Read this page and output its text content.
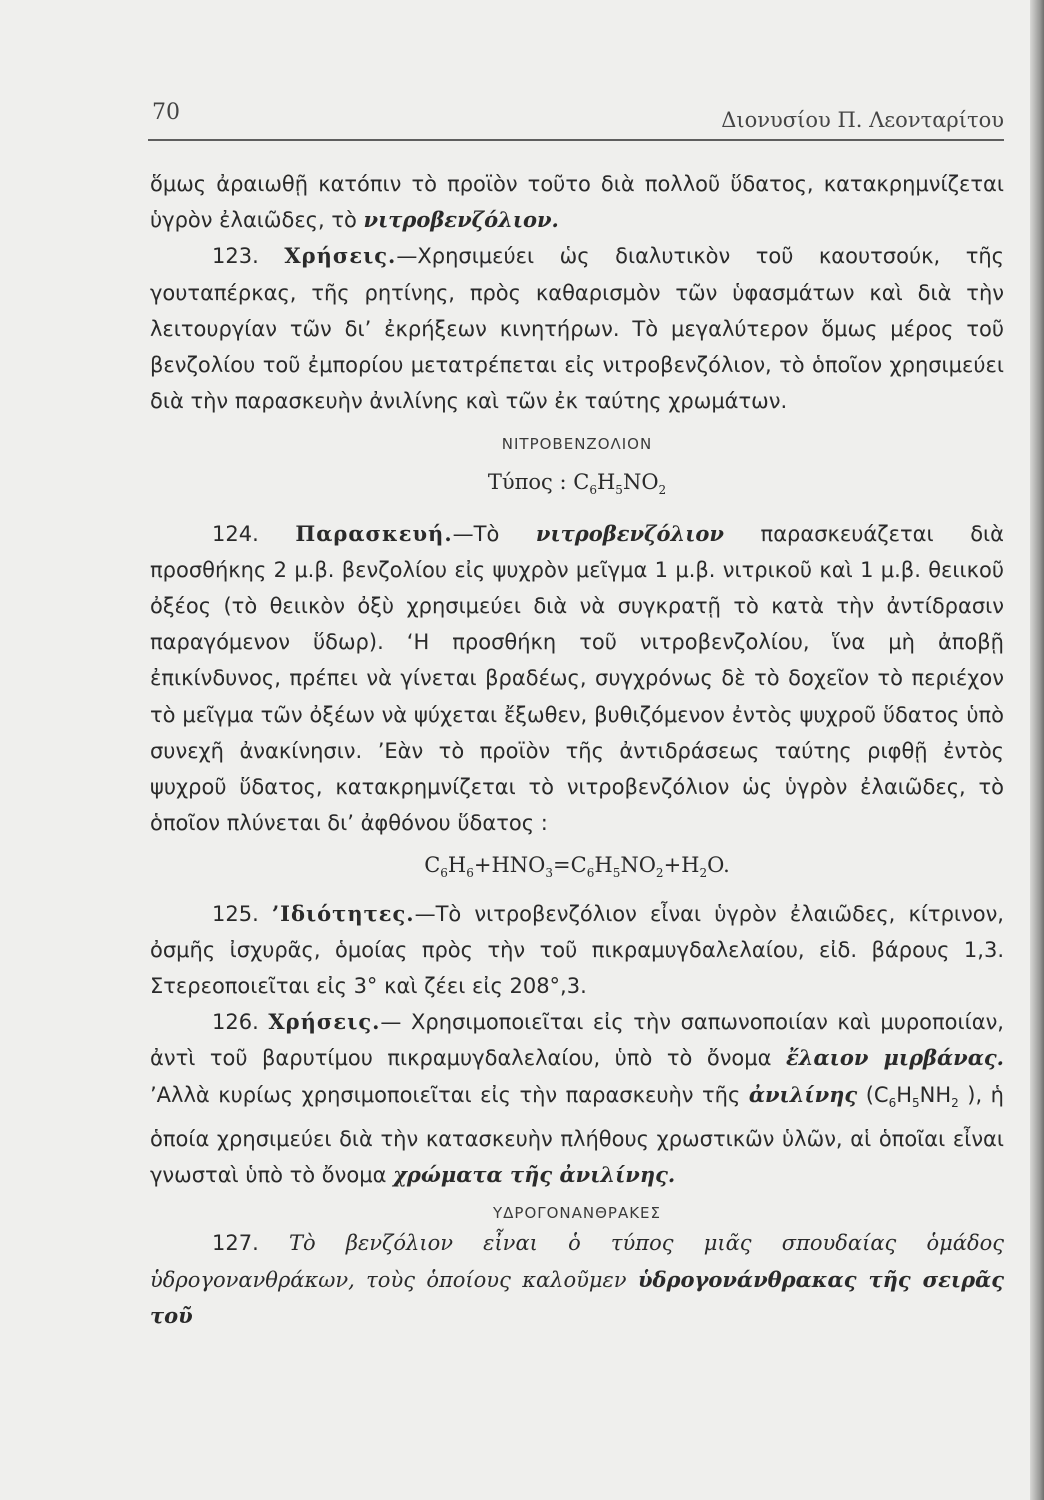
70	Διονυσίου Π. Λεονταρίτου

ὅμως ἀραιωθῇ κατόπιν τὸ προϊὸν τοῦτο διὰ πολλοῦ ὕδατος, κατακρημνίζεται ὑγρὸν ἐλαιῶδες, τὸ νιτροβενζόλιον.

123. Χρήσεις.—Χρησιμεύει ὡς διαλυτικὸν τοῦ καουτσούκ, τῆς γουταπέρκας, τῆς ρητίνης, πρὸς καθαρισμὸν τῶν ὑφασμάτων καὶ διὰ τὴν λειτουργίαν τῶν δι’ ἐκρήξεων κινητήρων. Τὸ μεγαλύτερον ὅμως μέρος τοῦ βενζολίου τοῦ ἐμπορίου μετατρέπεται εἰς νιτροβενζόλιον, τὸ ὁποῖον χρησιμεύει διὰ τὴν παρασκευὴν ἀνιλίνης καὶ τῶν ἐκ ταύτης χρωμάτων.

ΝΙΤΡΟΒΕΝΖΟΛΙΟΝ
Τύπος : $C_6H_5NO_2$

124. Παρασκευή.—Τὸ νιτροβενζόλιον παρασκευάζεται διὰ προσθήκης 2 μ.β. βενζολίου εἰς ψυχρὸν μεῖγμα 1 μ.β. νιτρικοῦ καὶ 1 μ.β. θειικοῦ ὀξέος (τὸ θειικὸν ὀξὺ χρησιμεύει διὰ νὰ συγκρατῇ τὸ κατὰ τὴν ἀντίδρασιν παραγόμενον ὕδωρ). ‘Η προσθήκη τοῦ νιτροβενζολίου, ἵνα μὴ ἀποβῇ ἐπικίνδυνος, πρέπει νὰ γίνεται βραδέως, συγχρόνως δὲ τὸ δοχεῖον τὸ περιέχον τὸ μεῖγμα τῶν ὀξέων νὰ ψύχεται ἔξωθεν, βυθιζόμενον ἐντὸς ψυχροῦ ὕδατος ὑπὸ συνεχῆ ἀνακίνησιν. ’Εὰν τὸ προϊὸν τῆς ἀντιδράσεως ταύτης ριφθῇ ἐντὸς ψυχροῦ ὕδατος, κατακρημνίζεται τὸ νιτροβενζόλιον ὡς ὑγρὸν ἐλαιῶδες, τὸ ὁποῖον πλύνεται δι’ ἀφθόνου ὕδατος :

$C_6H_6+HNO_3=C_6H_5NO_2+H_2O$.

125. ’Ιδιότητες.—Τὸ νιτροβενζόλιον εἶναι ὑγρὸν ἐλαιῶδες, κίτρινον, ὀσμῆς ἰσχυρᾶς, ὁμοίας πρὸς τὴν τοῦ πικραμυγδαλελαίου, εἰδ. βάρους 1,3. Στερεοποιεῖται εἰς 3° καὶ ζέει εἰς 208°,3.

126. Χρήσεις.— Χρησιμοποιεῖται εἰς τὴν σαπωνοποιίαν καὶ μυροποιίαν, ἀντὶ τοῦ βαρυτίμου πικραμυγδαλελαίου, ὑπὸ τὸ ὄνομα ἔλαιον μιρβάνας. ’Αλλὰ κυρίως χρησιμοποιεῖται εἰς τὴν παρασκευὴν τῆς ἀνιλίνης ($C_6H_5NH_2$ ), ἡ ὁποία χρησιμεύει διὰ τὴν κατασκευὴν πλήθους χρωστικῶν ὑλῶν, αἱ ὁποῖαι εἶναι γνωσταὶ ὑπὸ τὸ ὄνομα χρώματα τῆς ἀνιλίνης.

ΥΔΡΟΓΟΝΑΝΘΡΑΚΕΣ

127. Τὸ βενζόλιον εἶναι ὁ τύπος μιᾶς σπουδαίας ὁμάδος ὑδρογονανθράκων, τοὺς ὁποίους καλοῦμεν ὑδρογονάνθρακας τῆς σειρᾶς τοῦ
